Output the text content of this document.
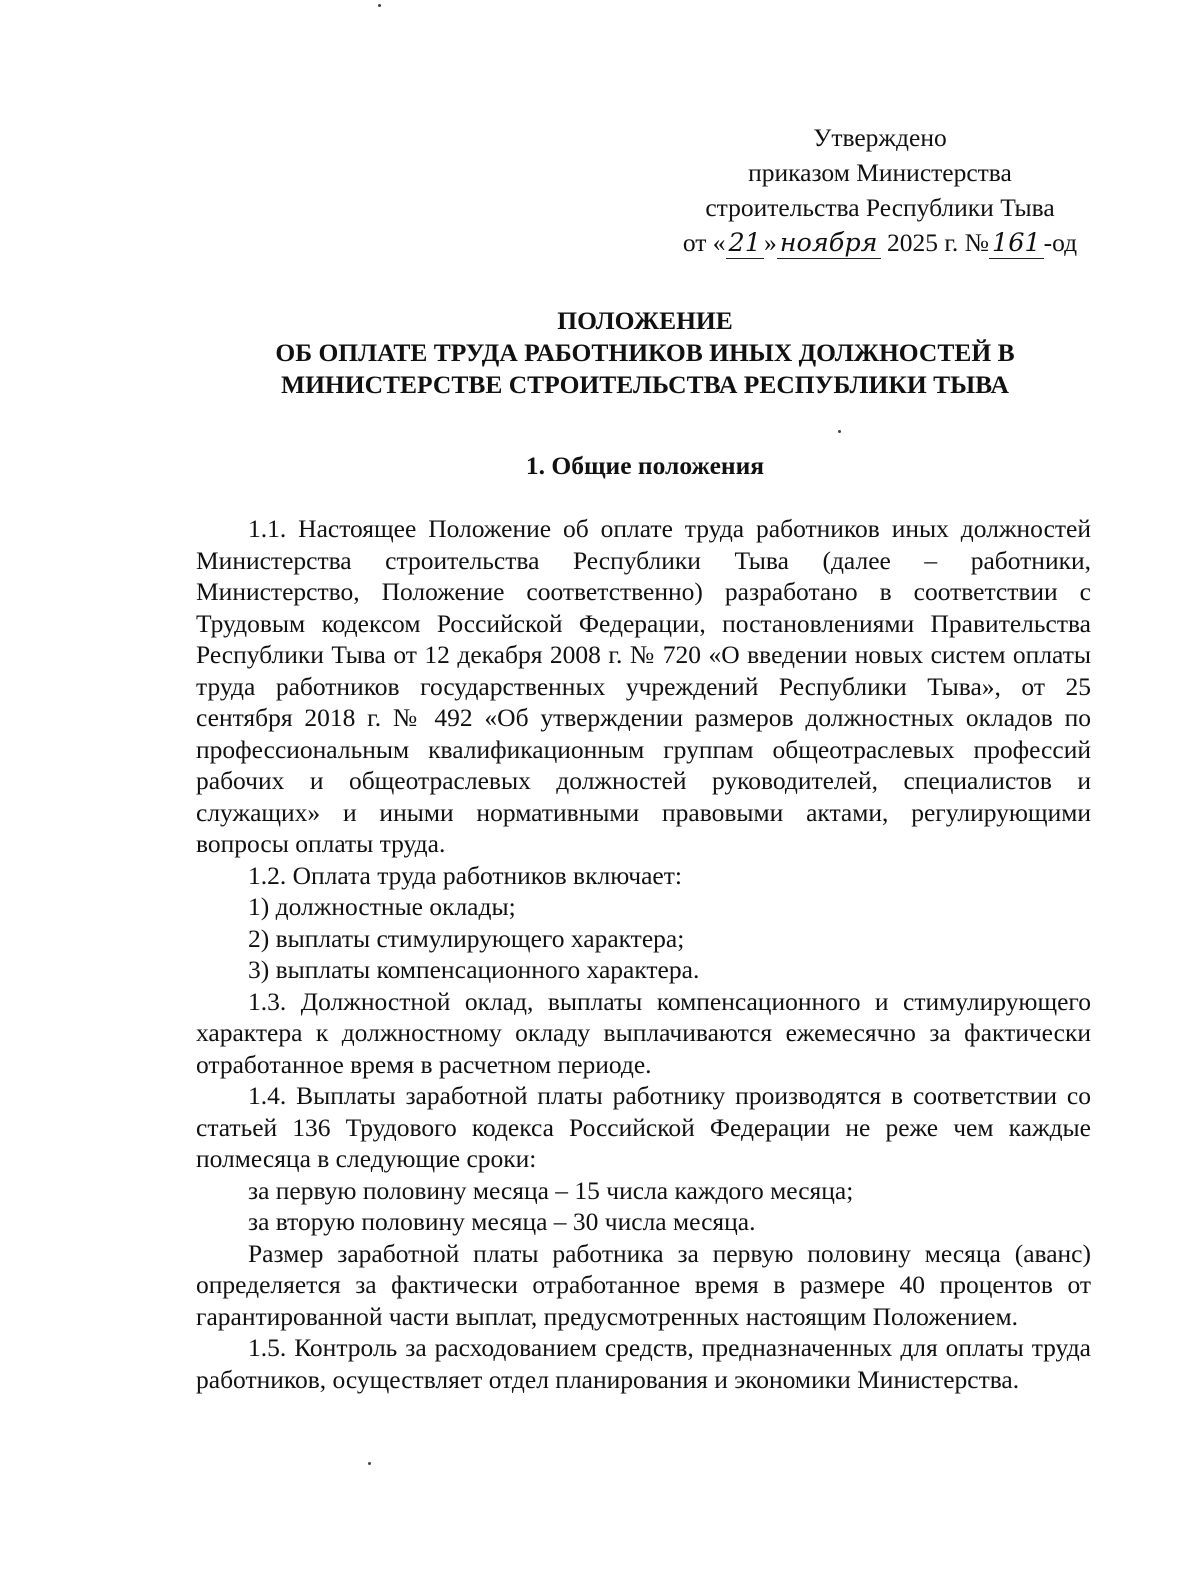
Утверждено
приказом Министерства
строительства Республики Тыва
от « 21 » ноября 2025 г. № 161 -од
ПОЛОЖЕНИЕ
ОБ ОПЛАТЕ ТРУДА РАБОТНИКОВ ИНЫХ ДОЛЖНОСТЕЙ В
МИНИСТЕРСТВЕ СТРОИТЕЛЬСТВА РЕСПУБЛИКИ ТЫВА
1. Общие положения

1.1. Настоящее Положение об оплате труда работников иных должностей Министерства строительства Республики Тыва (далее – работники, Министерство, Положение соответственно) разработано в соответствии с Трудовым кодексом Российской Федерации, постановлениями Правительства Республики Тыва от 12 декабря 2008 г. № 720 «О введении новых систем оплаты труда работников государственных учреждений Республики Тыва», от 25 сентября 2018 г. № 492 «Об утверждении размеров должностных окладов по профессиональным квалификационным группам общеотраслевых профессий рабочих и общеотраслевых должностей руководителей, специалистов и служащих» и иными нормативными правовыми актами, регулирующими вопросы оплаты труда.

1.2. Оплата труда работников включает:

1) должностные оклады;

2) выплаты стимулирующего характера;

3) выплаты компенсационного характера.

1.3. Должностной оклад, выплаты компенсационного и стимулирующего характера к должностному окладу выплачиваются ежемесячно за фактически отработанное время в расчетном периоде.

1.4. Выплаты заработной платы работнику производятся в соответствии со статьей 136 Трудового кодекса Российской Федерации не реже чем каждые полмесяца в следующие сроки:

за первую половину месяца – 15 числа каждого месяца;

за вторую половину месяца – 30 числа месяца.

Размер заработной платы работника за первую половину месяца (аванс) определяется за фактически отработанное время в размере 40 процентов от гарантированной части выплат, предусмотренных настоящим Положением.

1.5. Контроль за расходованием средств, предназначенных для оплаты труда работников, осуществляет отдел планирования и экономики Министерства.
